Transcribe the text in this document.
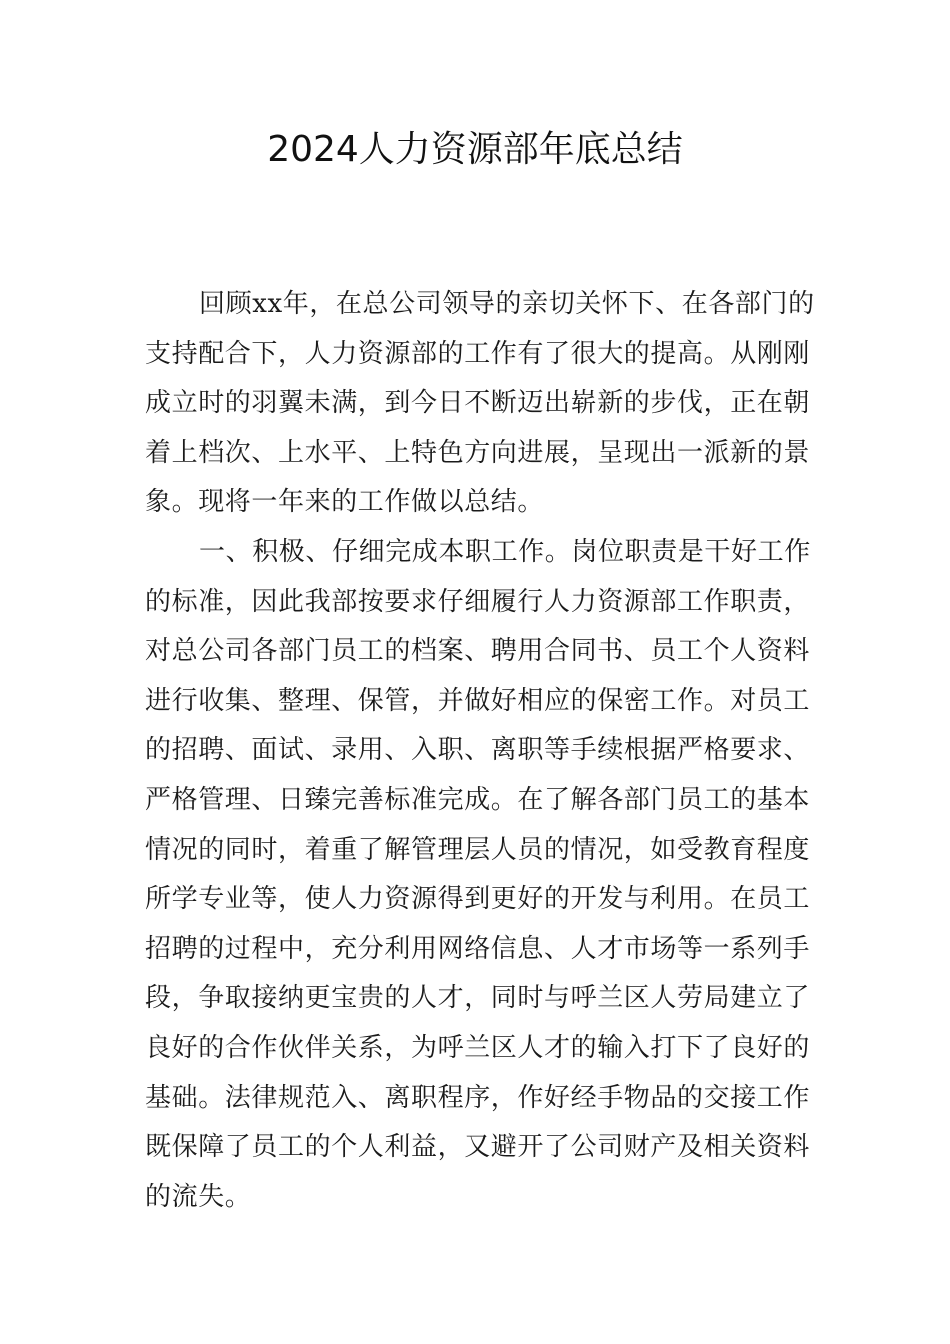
2024人力资源部年底总结
回顾xx年，在总公司领导的亲切关怀下、在各部门的
支持配合下，人力资源部的工作有了很大的提高。从刚刚
成立时的羽翼未满，到今日不断迈出崭新的步伐，正在朝
着上档次、上水平、上特色方向进展，呈现出一派新的景
象。现将一年来的工作做以总结。
一、积极、仔细完成本职工作。岗位职责是干好工作
的标准，因此我部按要求仔细履行人力资源部工作职责，
对总公司各部门员工的档案、聘用合同书、员工个人资料
进行收集、整理、保管，并做好相应的保密工作。对员工
的招聘、面试、录用、入职、离职等手续根据严格要求、
严格管理、日臻完善标准完成。在了解各部门员工的基本
情况的同时，着重了解管理层人员的情况，如受教育程度
所学专业等，使人力资源得到更好的开发与利用。在员工
招聘的过程中，充分利用网络信息、人才市场等一系列手
段，争取接纳更宝贵的人才，同时与呼兰区人劳局建立了
良好的合作伙伴关系，为呼兰区人才的输入打下了良好的
基础。法律规范入、离职程序，作好经手物品的交接工作
既保障了员工的个人利益，又避开了公司财产及相关资料
的流失。
